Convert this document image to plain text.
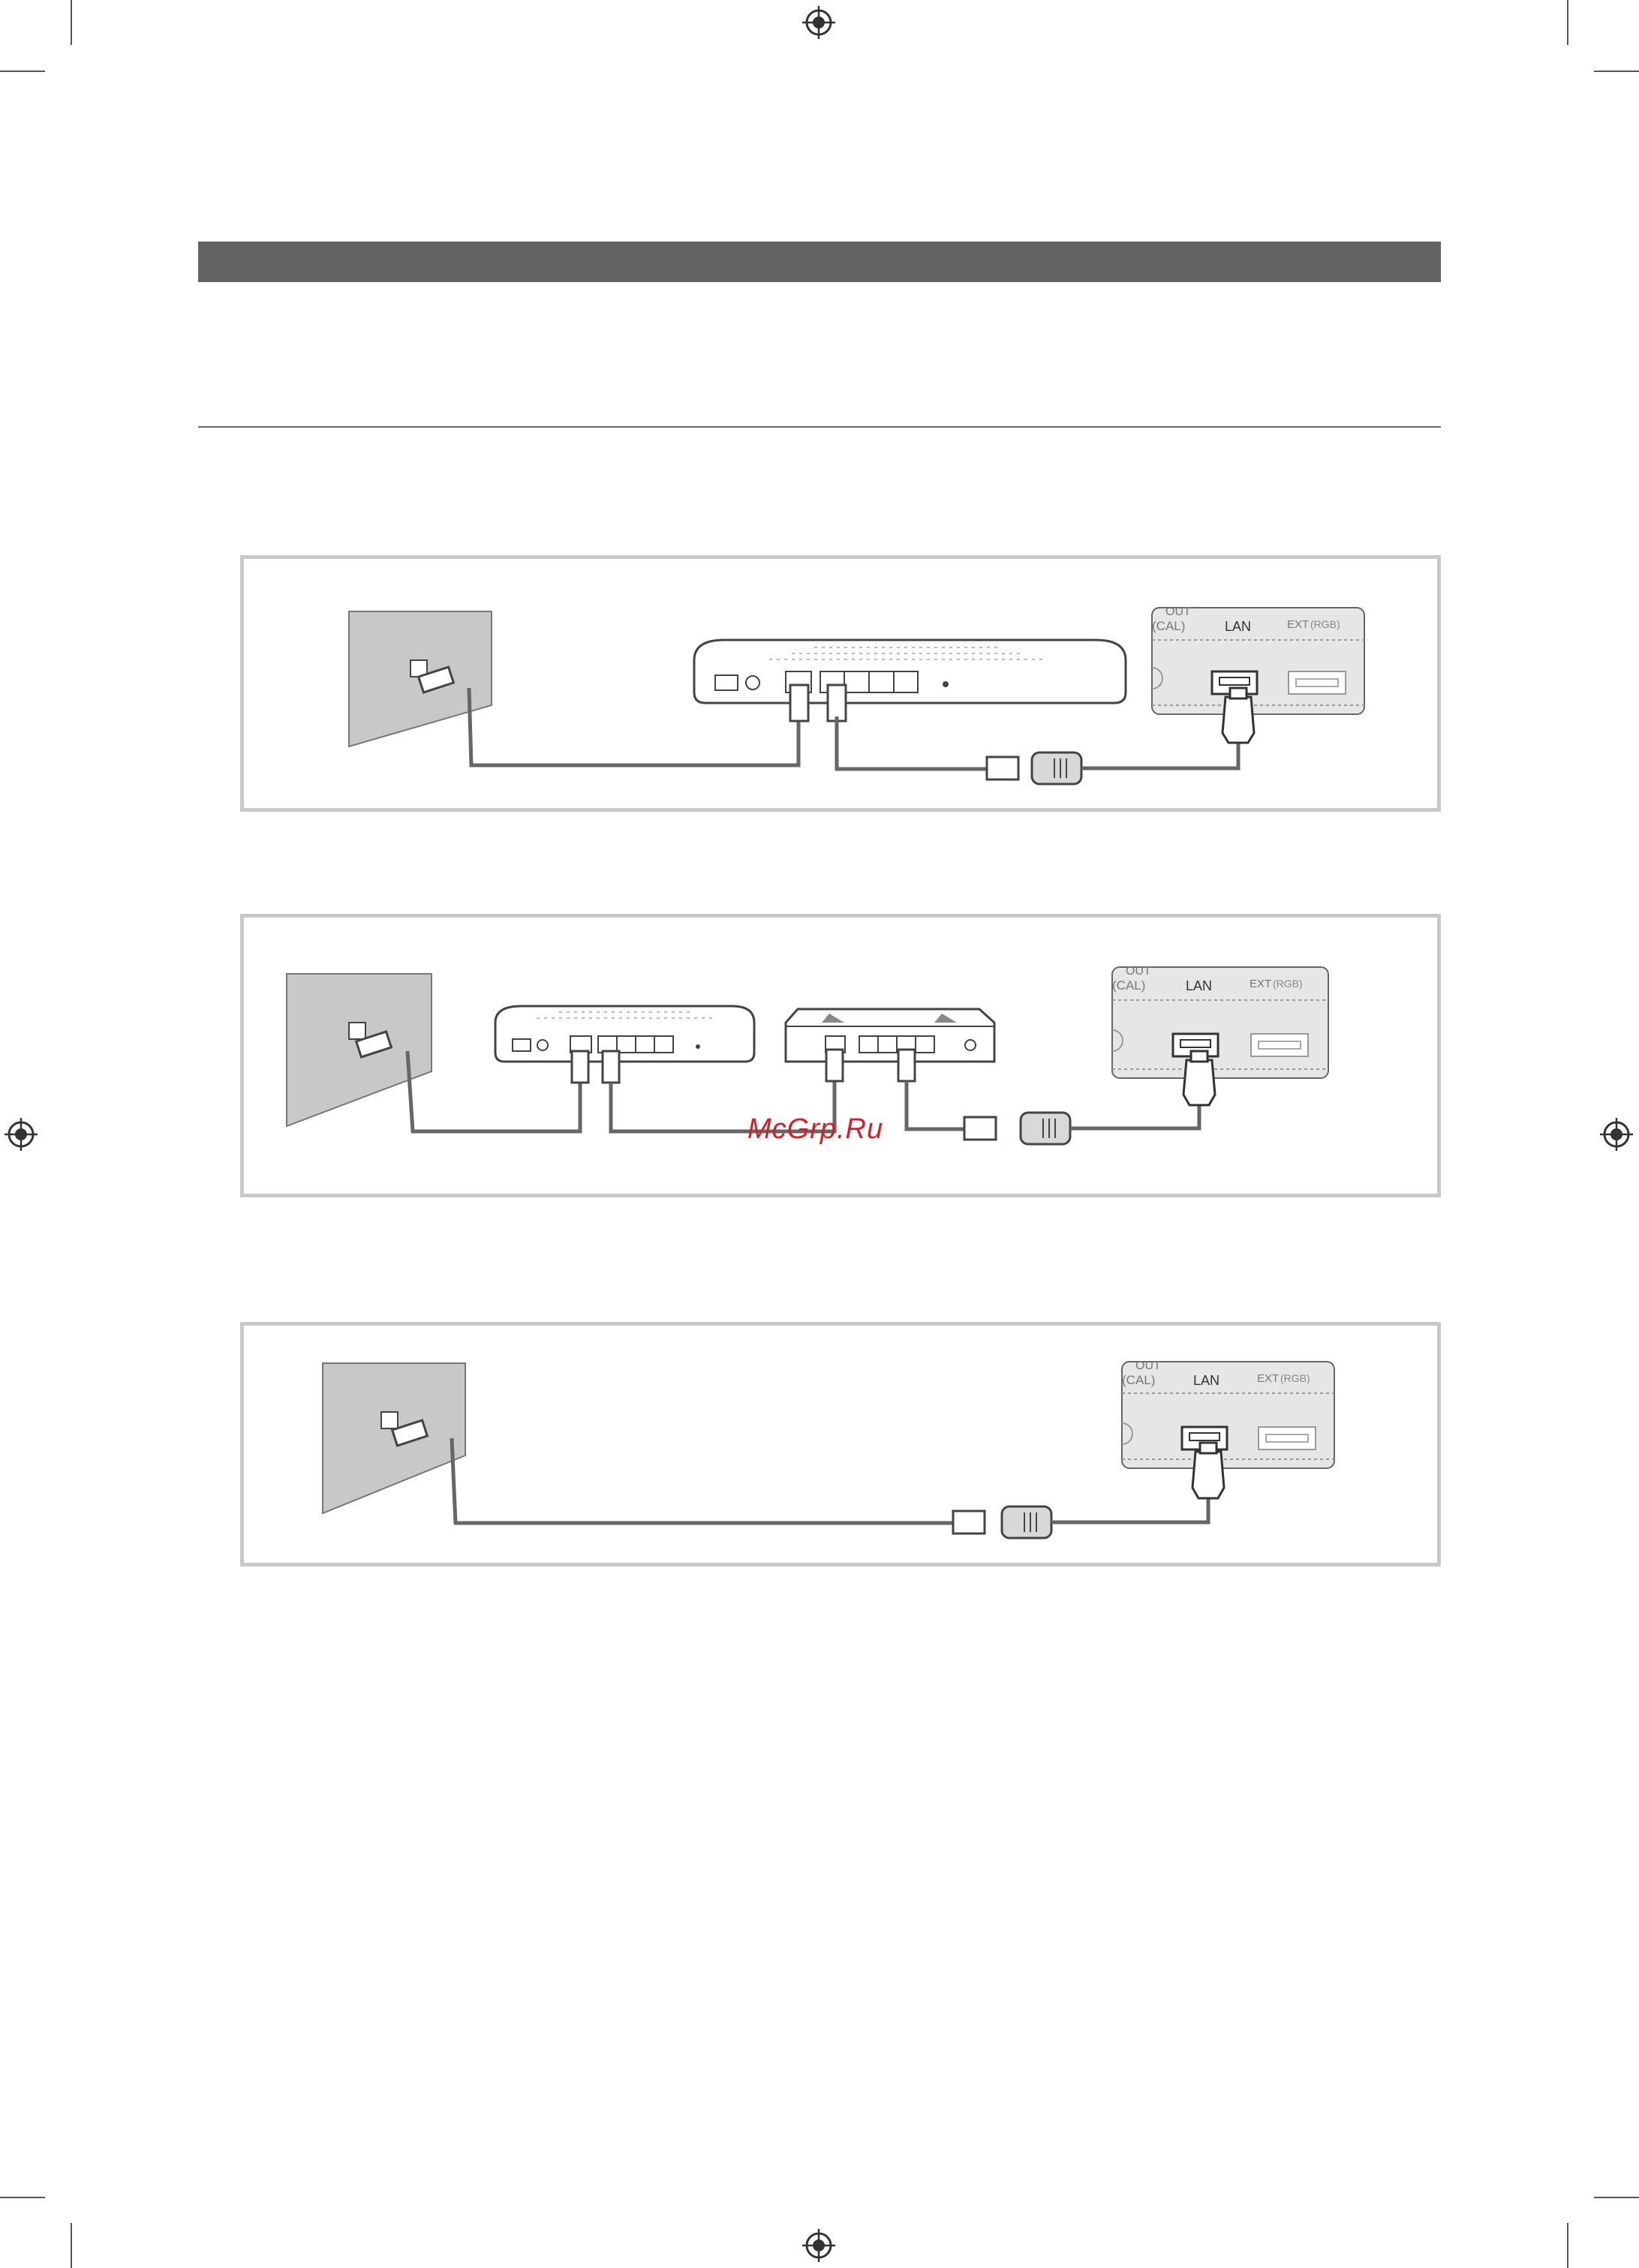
OUT
(CAL)	LAN	EXT (RGB)
OUT
(CAL)	LAN	EXT (RGB)
McGrp.Ru
OUT
(CAL)	LAN	EXT (RGB)
